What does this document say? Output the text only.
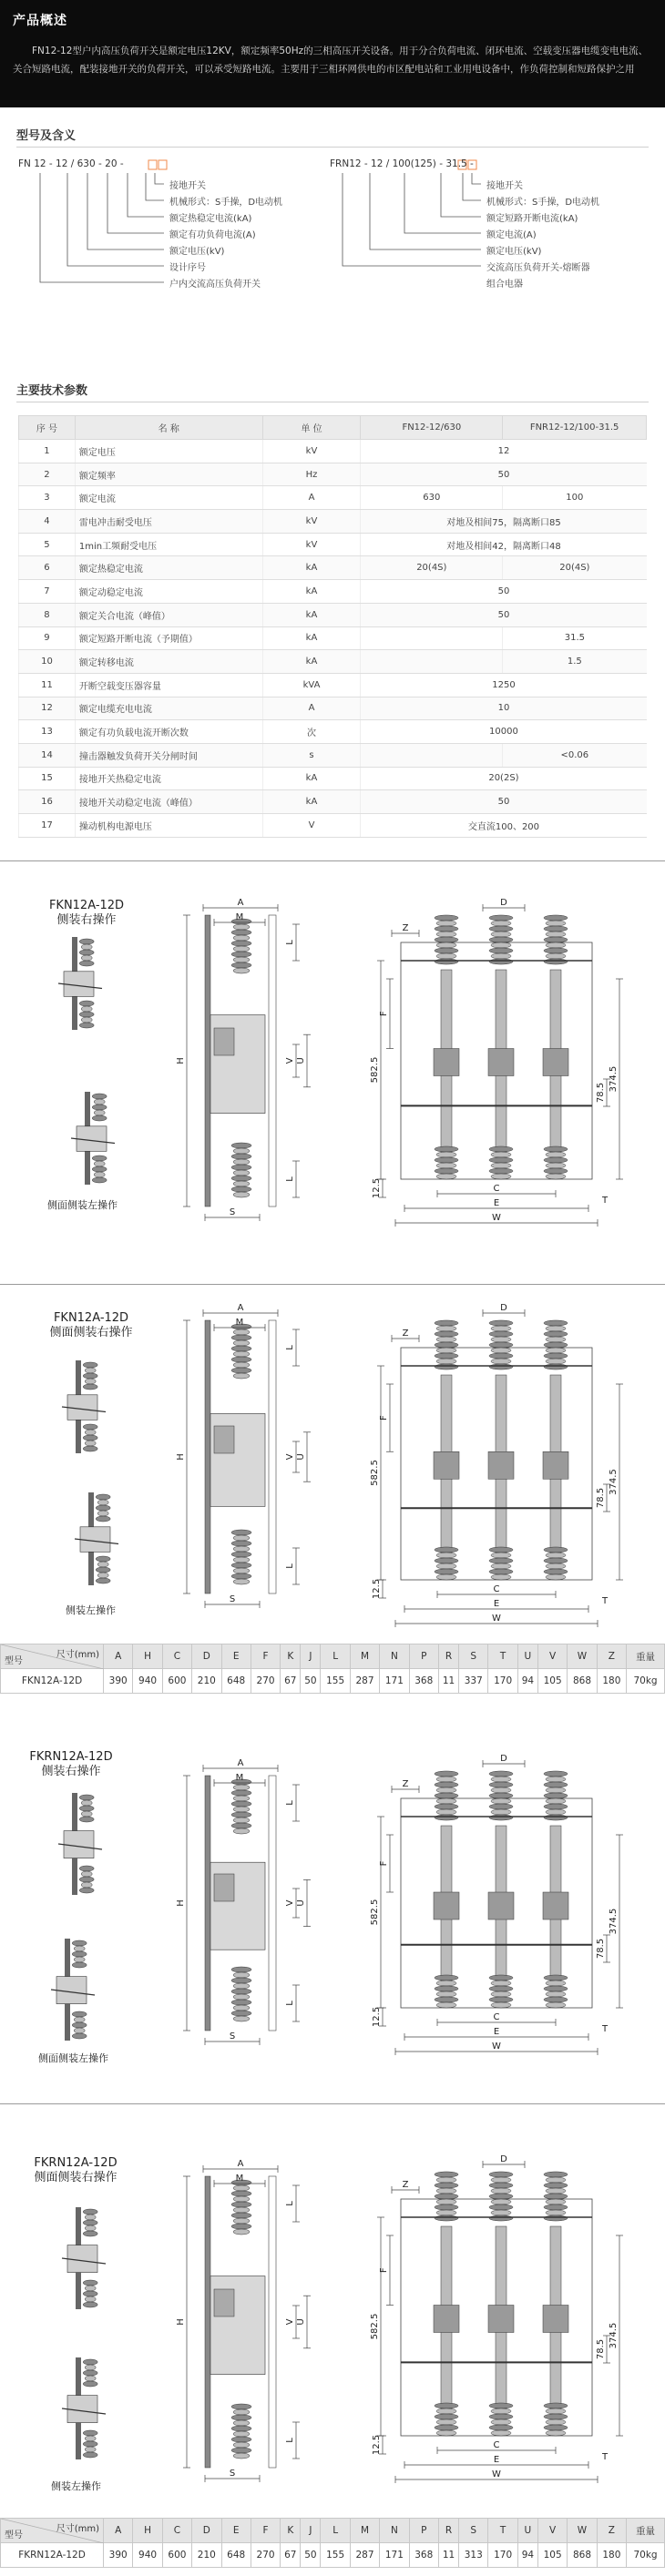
产品概述

FN12-12型户内高压负荷开关是额定电压12KV，额定频率50Hz的三相高压开关设备。用于分合负荷电流、闭环电流、空载变压器电缆变电电流、关合短路电流，配装接地开关的负荷开关，可以承受短路电流。主要用于三相环网供电的市区配电站和工业用电设备中，作负荷控制和短路保护之用

型号及含义
FN 12 - 12 / 630 - 20 -	FRN12 - 12 / 100(125) - 31.5 -
接地开关
机械形式：S手操，D电动机
额定热稳定电流(kA)
额定有功负荷电流(A)
额定电压(kV)
设计序号
户内交流高压负荷开关
接地开关
机械形式：S手操，D电动机
额定短路开断电流(kA)
额定电流(A)
额定电压(kV)
交流高压负荷开关-熔断器
组合电器
主要技术参数
序 号	名 称	单 位	FN12-12/630	FNR12-12/100-31.5
1	额定电压	kV	12	
2	额定频率	Hz	50	
3	额定电流	A	630	100
4	雷电冲击耐受电压	kV	对地及相间75，隔离断口85	
5	1min工频耐受电压	kV	对地及相间42，隔离断口48	
6	额定热稳定电流	kA	20(4S)	20(4S)
7	额定动稳定电流	kA	50	
8	额定关合电流（峰值）	kA	50	
9	额定短路开断电流（予期值）	kA		31.5
10	额定转移电流	kA		1.5
11	开断空载变压器容量	kVA	1250	
12	额定电缆充电电流	A	10	
13	额定有功负载电流开断次数	次	10000	
14	撞击器触发负荷开关分闸时间	s		<0.06
15	接地开关热稳定电流	kA	20(2S)	
16	接地开关动稳定电流（峰值）	kA	50	
17	操动机构电源电压	V	交直流100、200	
FKN12A-12D
侧装右操作
侧面侧装左操作
A
M
H
L
V U
L
S
W
E
C
D
Z
582.5	374.5
12.5
F
78.5
T
FKN12A-12D
侧面侧装右操作
侧装左操作
A
M
H
L
V U
L
S
W
E
C
D
Z
582.5	374.5
12.5
F
78.5
T
尺寸(mm)
型号	A	H	C	D	E	F	K	J	L	M	N	P	R	S	T	U	V	W	Z	重量
FKN12A-12D	390	940	600	210	648	270	67	50	155	287	171	368	11	337	170	94	105	868	180	70kg
FKRN12A-12D
侧装右操作
侧面侧装左操作
A
M
H
L
V U
L
S
W
E
C
D
Z
582.5	374.5
12.5
F
78.5
T
FKRN12A-12D
侧面侧装右操作
侧装左操作
A
M
H
L
V U
L
S	W
E
C
D
Z
582.5	374.5
12.5
F
78.5
T
尺寸(mm)
型号	A	H	C	D	E	F	K	J	L	M	N	P	R	S	T	U	V	W	Z	重量
FKRN12A-12D	390	940	600	210	648	270	67	50	155	287	171	368	11	313	170	94	105	868	180	70kg
